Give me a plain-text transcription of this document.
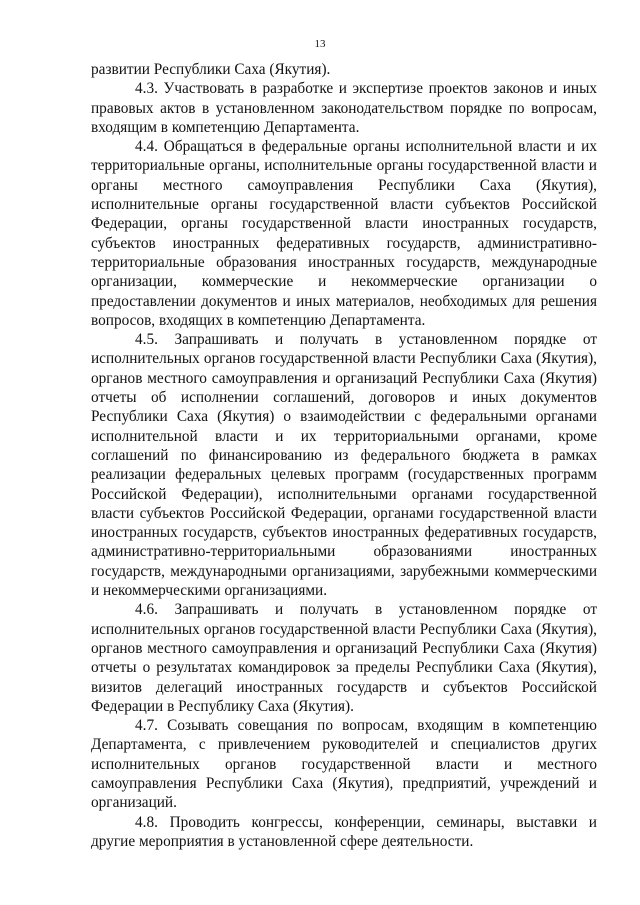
13

развитии Республики Саха (Якутия).

4.3. Участвовать в разработке и экспертизе проектов законов и иных правовых актов в установленном законодательством порядке по вопросам, входящим в компетенцию Департамента.

4.4. Обращаться в федеральные органы исполнительной власти и их территориальные органы, исполнительные органы государственной власти и органы местного самоуправления Республики Саха (Якутия), исполнительные органы государственной власти субъектов Российской Федерации, органы государственной власти иностранных государств, субъектов иностранных федеративных государств, административно-территориальные образования иностранных государств, международные организации, коммерческие и некоммерческие организации о предоставлении документов и иных материалов, необходимых для решения вопросов, входящих в компетенцию Департамента.

4.5. Запрашивать и получать в установленном порядке от исполнительных органов государственной власти Республики Саха (Якутия), органов местного самоуправления и организаций Республики Саха (Якутия) отчеты об исполнении соглашений, договоров и иных документов Республики Саха (Якутия) о взаимодействии с федеральными органами исполнительной власти и их территориальными органами, кроме соглашений по финансированию из федерального бюджета в рамках реализации федеральных целевых программ (государственных программ Российской Федерации), исполнительными органами государственной власти субъектов Российской Федерации, органами государственной власти иностранных государств, субъектов иностранных федеративных государств, административно-территориальными образованиями иностранных государств, международными организациями, зарубежными коммерческими и некоммерческими организациями.

4.6. Запрашивать и получать в установленном порядке от исполнительных органов государственной власти Республики Саха (Якутия), органов местного самоуправления и организаций Республики Саха (Якутия) отчеты о результатах командировок за пределы Республики Саха (Якутия), визитов делегаций иностранных государств и субъектов Российской Федерации в Республику Саха (Якутия).

4.7. Созывать совещания по вопросам, входящим в компетенцию Департамента, с привлечением руководителей и специалистов других исполнительных органов государственной власти и местного самоуправления Республики Саха (Якутия), предприятий, учреждений и организаций.

4.8. Проводить конгрессы, конференции, семинары, выставки и другие мероприятия в установленной сфере деятельности.
